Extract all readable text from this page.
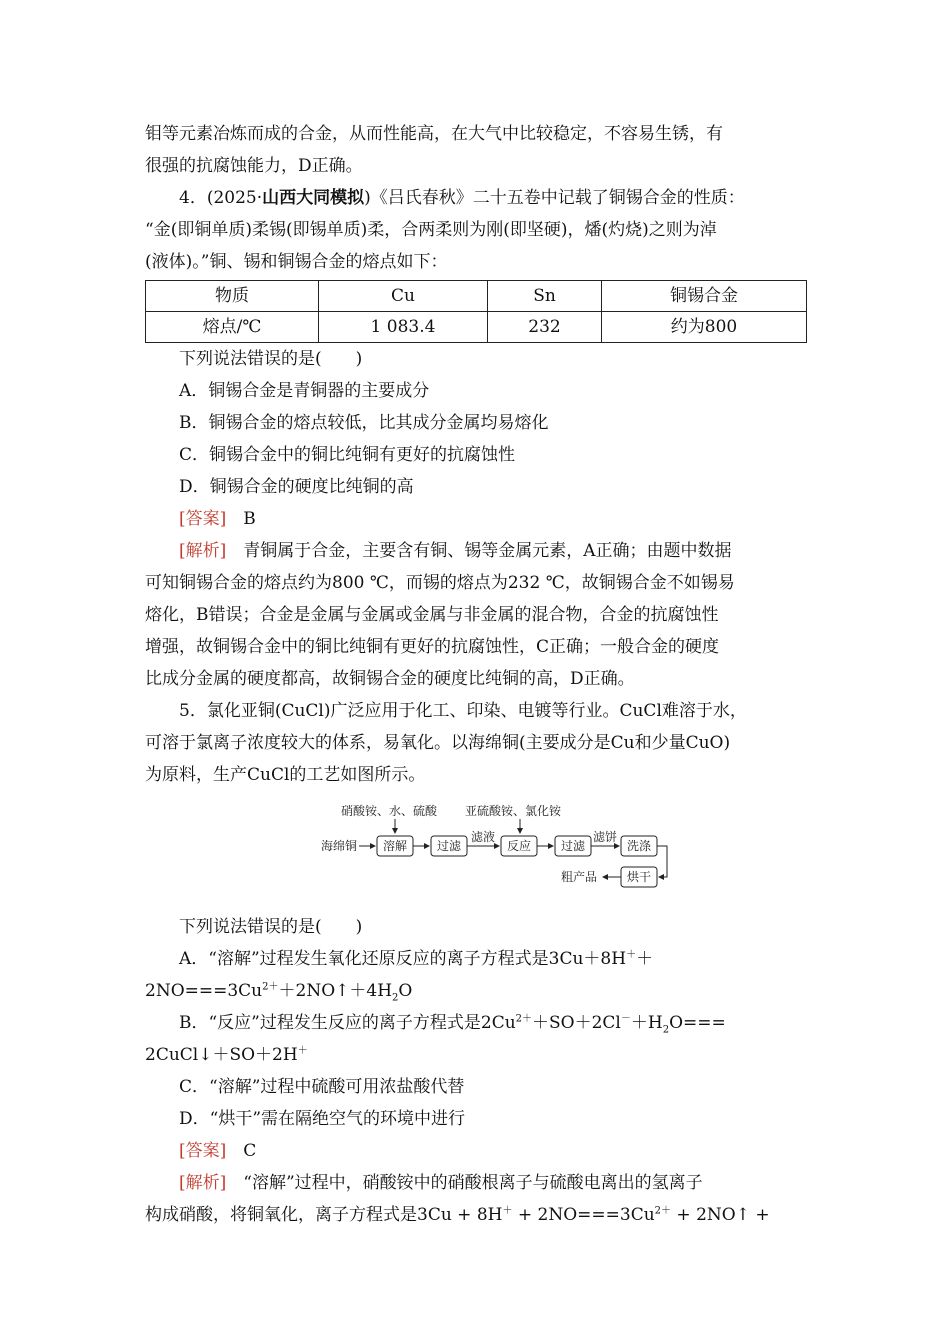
钼等元素冶炼而成的合金，从而性能高，在大气中比较稳定，不容易生锈，有

很强的抗腐蚀能力，D正确。

4．(2025·山西大同模拟)《吕氏春秋》二十五卷中记载了铜锡合金的性质：

“金(即铜单质)柔锡(即锡单质)柔，合两柔则为刚(即坚硬)，燔(灼烧)之则为淖

(液体)。”铜、锡和铜锡合金的熔点如下：

物质	Cu	Sn	铜锡合金
熔点/℃	1 083.4	232	约为800

下列说法错误的是(　　)

A．铜锡合金是青铜器的主要成分

B．铜锡合金的熔点较低，比其成分金属均易熔化

C．铜锡合金中的铜比纯铜有更好的抗腐蚀性

D．铜锡合金的硬度比纯铜的高

[答案]　 B

[解析]　 青铜属于合金，主要含有铜、锡等金属元素，A正确；由题中数据

可知铜锡合金的熔点约为800 ℃，而锡的熔点为232 ℃，故铜锡合金不如锡易

熔化，B错误；合金是金属与金属或金属与非金属的混合物，合金的抗腐蚀性

增强，故铜锡合金中的铜比纯铜有更好的抗腐蚀性，C正确；一般合金的硬度

比成分金属的硬度都高，故铜锡合金的硬度比纯铜的高，D正确。

5．氯化亚铜(CuCl)广泛应用于化工、印染、电镀等行业。CuCl难溶于水，

可溶于氯离子浓度较大的体系，易氧化。以海绵铜(主要成分是Cu和少量CuO)

为原料，生产CuCl的工艺如图所示。

硝酸铵、水、硫酸 亚硫酸铵、氯化铵
海绵铜 溶解 过滤
滤液
反应 过滤
滤饼
洗涤
烘干
粗产品

下列说法错误的是(　　)

A．“溶解”过程发生氧化还原反应的离子方程式是3Cu＋8H＋＋

$2NO===3Cu^{2+}+2NO↑+4H_2O$

B．“反应”过程发生反应的离子方程式是$2Cu^{2+}+SO+2Cl^-+H_2O===$

2CuCl↓＋SO＋2H＋

C．“溶解”过程中硫酸可用浓盐酸代替

D．“烘干”需在隔绝空气的环境中进行

[答案]　 C

[解析]　 “溶解”过程中，硝酸铵中的硝酸根离子与硫酸电离出的氢离子

构成硝酸，将铜氧化，离子方程式是$3Cu + 8H^+ + 2NO===3Cu^{2+}$ + 2NO↑ +
